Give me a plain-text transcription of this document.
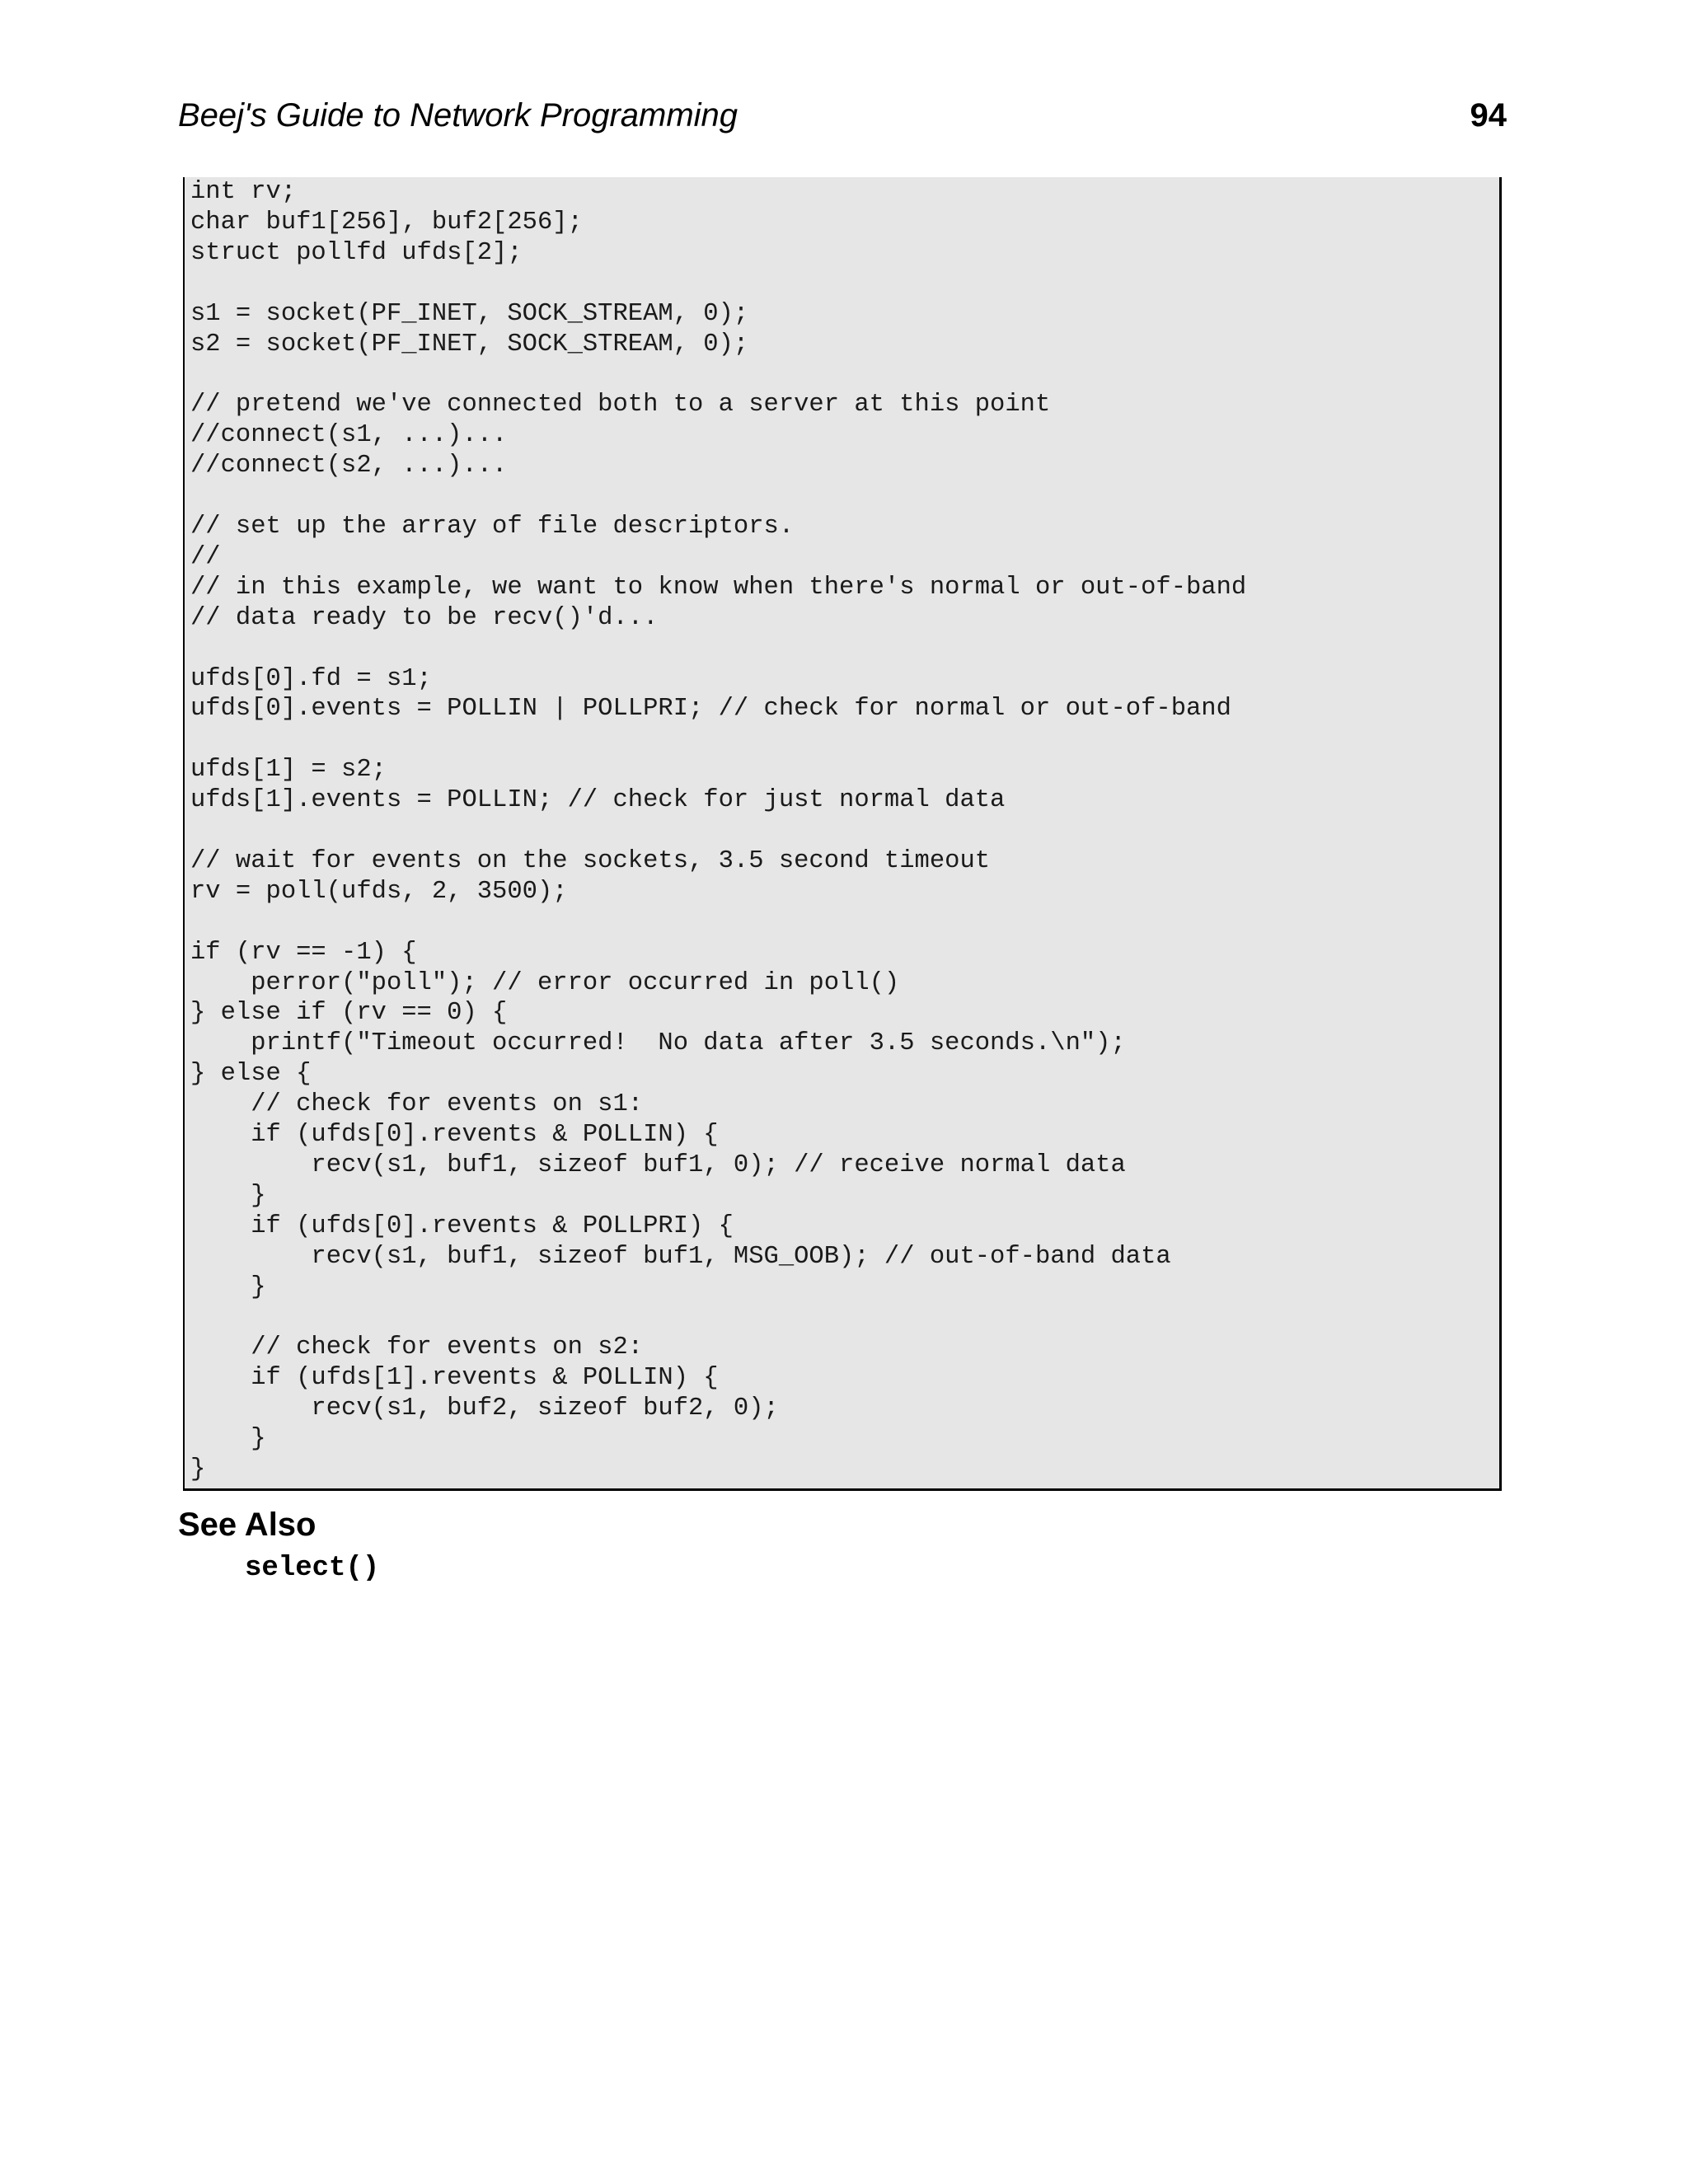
Beej's Guide to Network Programming	94
int rv;
char buf1[256], buf2[256];
struct pollfd ufds[2];

s1 = socket(PF_INET, SOCK_STREAM, 0);
s2 = socket(PF_INET, SOCK_STREAM, 0);

// pretend we've connected both to a server at this point
//connect(s1, ...)...
//connect(s2, ...)...

// set up the array of file descriptors.
//
// in this example, we want to know when there's normal or out-of-band
// data ready to be recv()'d...

ufds[0].fd = s1;
ufds[0].events = POLLIN | POLLPRI; // check for normal or out-of-band

ufds[1] = s2;
ufds[1].events = POLLIN; // check for just normal data

// wait for events on the sockets, 3.5 second timeout
rv = poll(ufds, 2, 3500);

if (rv == -1) {
perror("poll"); // error occurred in poll()
} else if (rv == 0) {
printf("Timeout occurred!  No data after 3.5 seconds.\n");
} else {
// check for events on s1:
if (ufds[0].revents & POLLIN) {
recv(s1, buf1, sizeof buf1, 0); // receive normal data
}
if (ufds[0].revents & POLLPRI) {
recv(s1, buf1, sizeof buf1, MSG_OOB); // out-of-band data
}

// check for events on s2:
if (ufds[1].revents & POLLIN) {
recv(s1, buf2, sizeof buf2, 0);
}
}
See Also
select()
